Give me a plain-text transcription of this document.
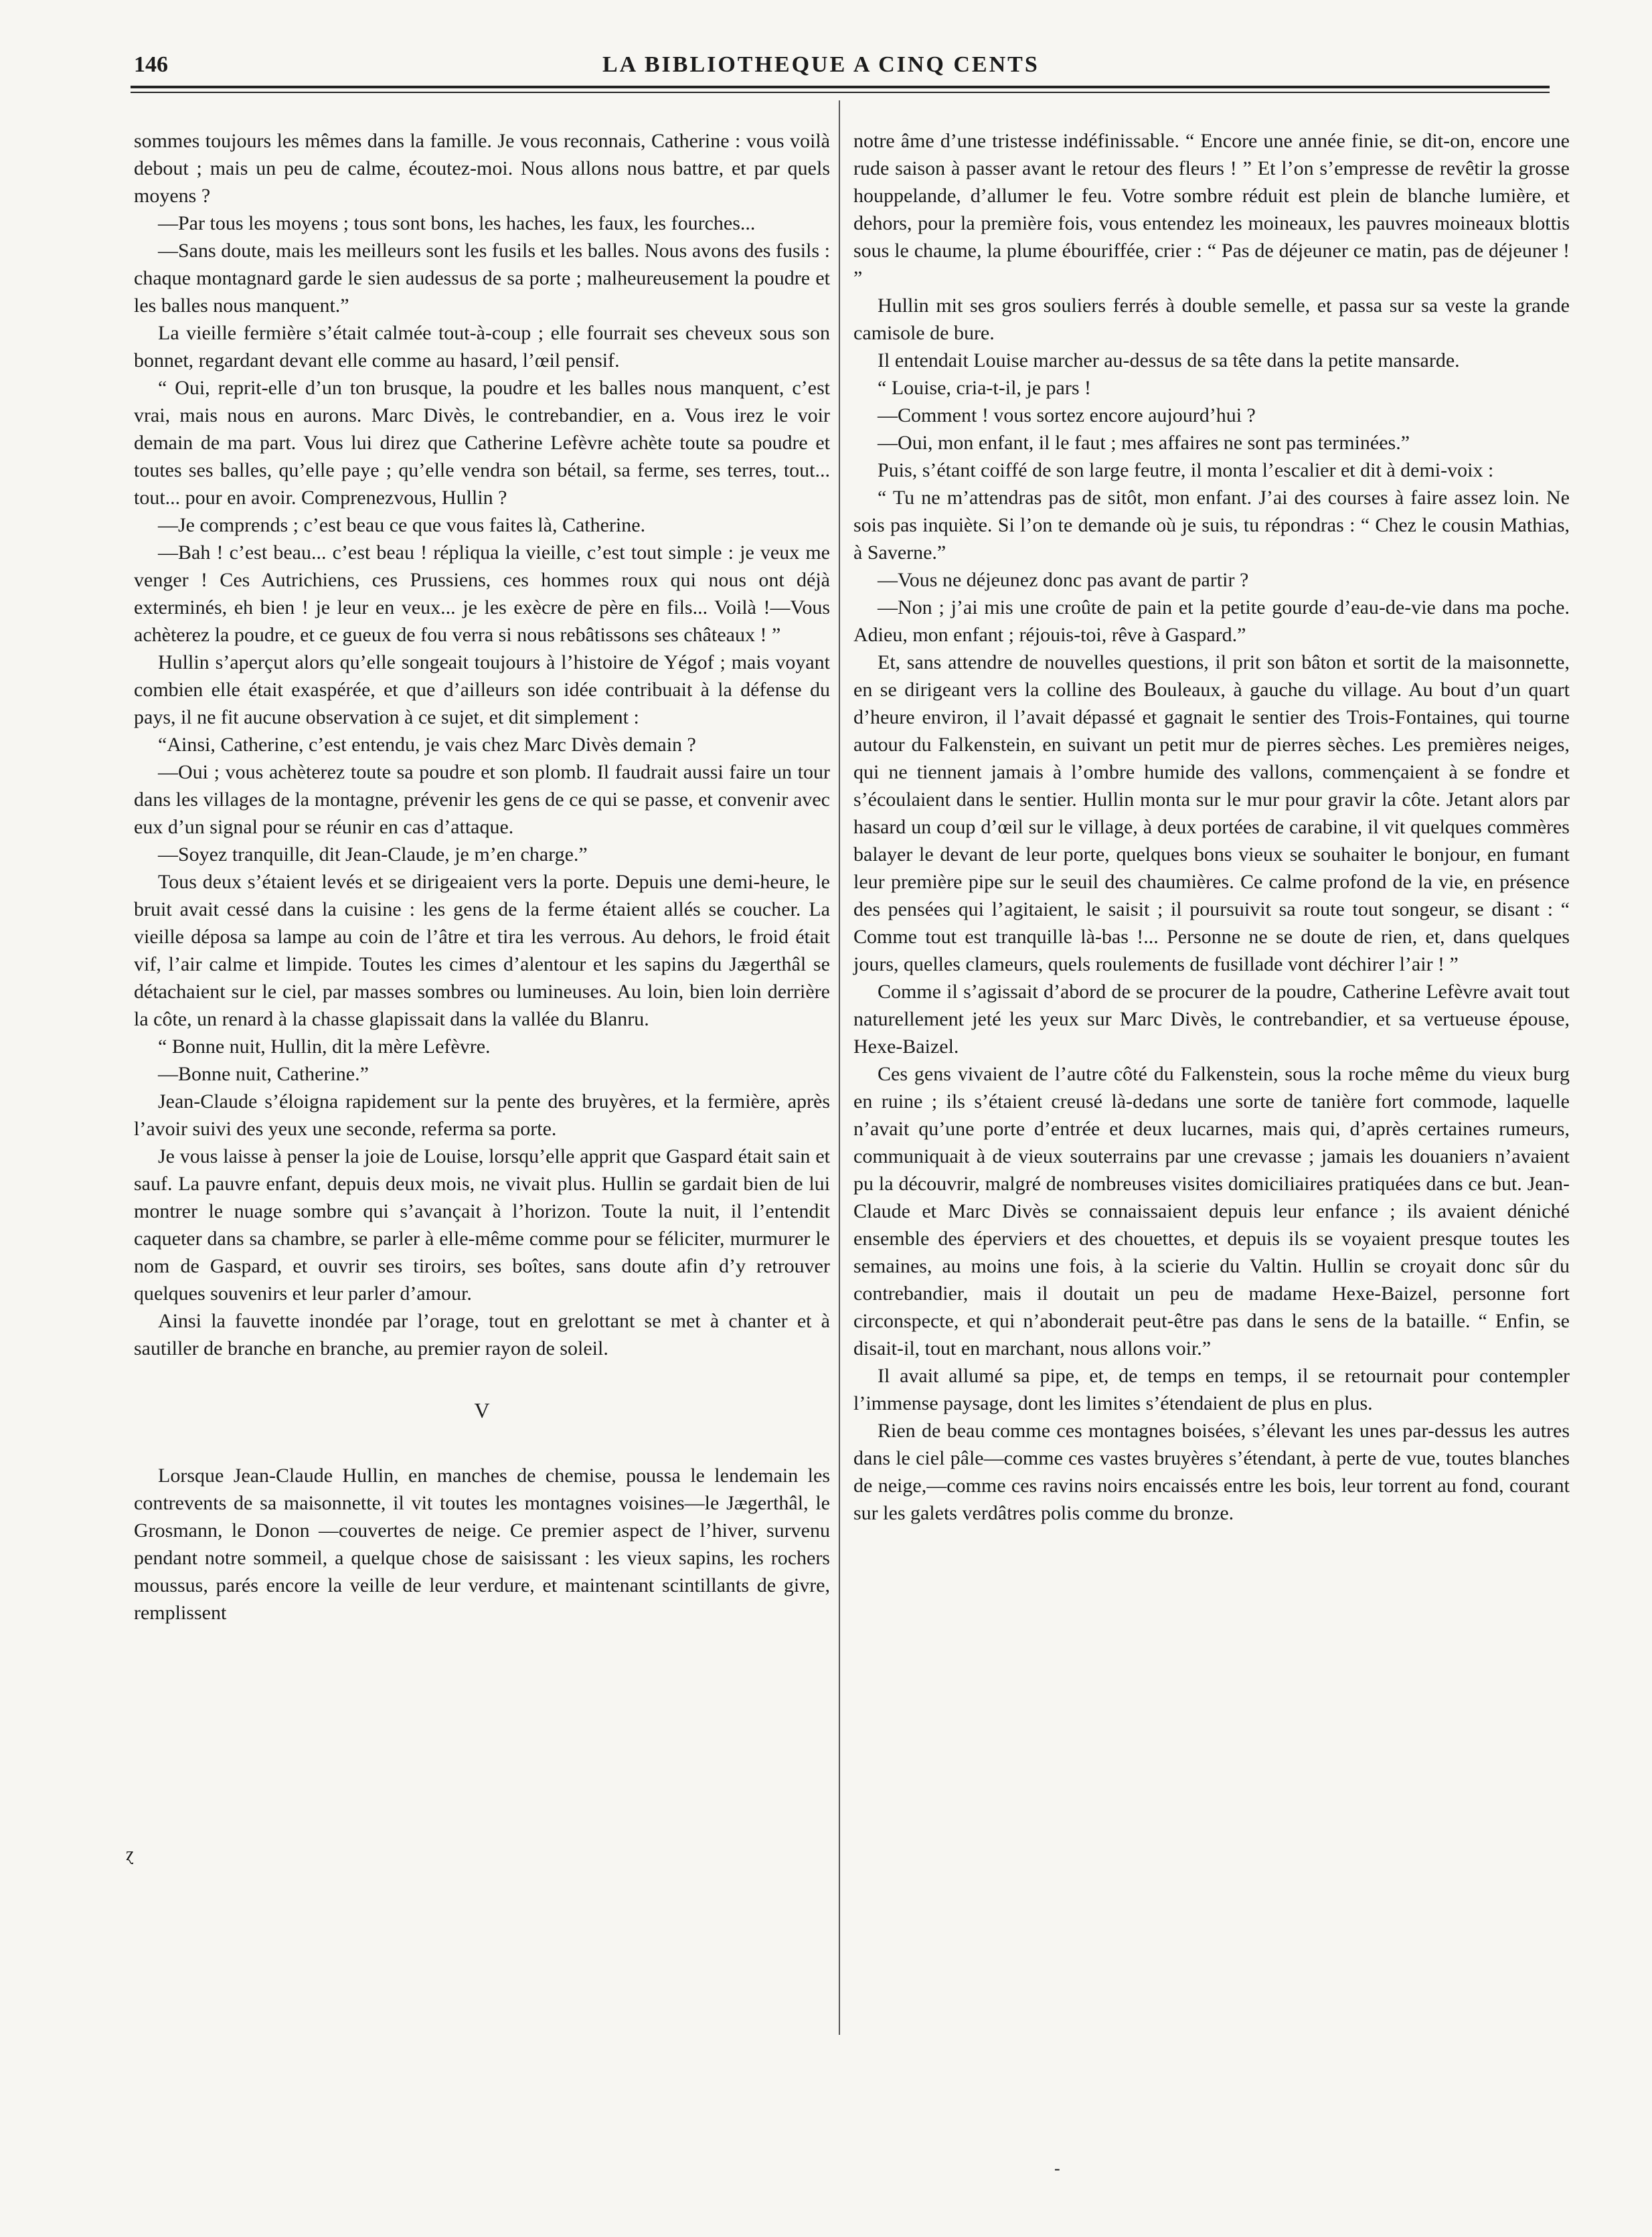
146	LA BIBLIOTHEQUE A CINQ CENTS

sommes toujours les mêmes dans la famille. Je vous reconnais, Catherine : vous voilà debout ; mais un peu de calme, écoutez-moi. Nous allons nous battre, et par quels moyens ?

—Par tous les moyens ; tous sont bons, les haches, les faux, les fourches...

—Sans doute, mais les meilleurs sont les fusils et les balles. Nous avons des fusils : chaque montagnard garde le sien audessus de sa porte ; malheureusement la poudre et les balles nous manquent.”

La vieille fermière s’était calmée tout-à-coup ; elle fourrait ses cheveux sous son bonnet, regardant devant elle comme au hasard, l’œil pensif.

“ Oui, reprit-elle d’un ton brusque, la poudre et les balles nous manquent, c’est vrai, mais nous en aurons. Marc Divès, le contrebandier, en a. Vous irez le voir demain de ma part. Vous lui direz que Catherine Lefèvre achète toute sa poudre et toutes ses balles, qu’elle paye ; qu’elle vendra son bétail, sa ferme, ses terres, tout... tout... pour en avoir. Comprenezvous, Hullin ?

—Je comprends ; c’est beau ce que vous faites là, Catherine.

—Bah ! c’est beau... c’est beau ! répliqua la vieille, c’est tout simple : je veux me venger ! Ces Autrichiens, ces Prussiens, ces hommes roux qui nous ont déjà exterminés, eh bien ! je leur en veux... je les exècre de père en fils... Voilà !—Vous achèterez la poudre, et ce gueux de fou verra si nous rebâtissons ses châteaux ! ”

Hullin s’aperçut alors qu’elle songeait toujours à l’histoire de Yégof ; mais voyant combien elle était exaspérée, et que d’ailleurs son idée contribuait à la défense du pays, il ne fit aucune observation à ce sujet, et dit simplement :

“Ainsi, Catherine, c’est entendu, je vais chez Marc Divès demain ?

—Oui ; vous achèterez toute sa poudre et son plomb. Il faudrait aussi faire un tour dans les villages de la montagne, prévenir les gens de ce qui se passe, et convenir avec eux d’un signal pour se réunir en cas d’attaque.

—Soyez tranquille, dit Jean-Claude, je m’en charge.”

Tous deux s’étaient levés et se dirigeaient vers la porte. Depuis une demi-heure, le bruit avait cessé dans la cuisine : les gens de la ferme étaient allés se coucher. La vieille déposa sa lampe au coin de l’âtre et tira les verrous. Au dehors, le froid était vif, l’air calme et limpide. Toutes les cimes d’alentour et les sapins du Jægerthâl se détachaient sur le ciel, par masses sombres ou lumineuses. Au loin, bien loin derrière la côte, un renard à la chasse glapissait dans la vallée du Blanru.

“ Bonne nuit, Hullin, dit la mère Lefèvre.

—Bonne nuit, Catherine.”

Jean-Claude s’éloigna rapidement sur la pente des bruyères, et la fermière, après l’avoir suivi des yeux une seconde, referma sa porte.

Je vous laisse à penser la joie de Louise, lorsqu’elle apprit que Gaspard était sain et sauf. La pauvre enfant, depuis deux mois, ne vivait plus. Hullin se gardait bien de lui montrer le nuage sombre qui s’avançait à l’horizon. Toute la nuit, il l’entendit caqueter dans sa chambre, se parler à elle-même comme pour se féliciter, murmurer le nom de Gaspard, et ouvrir ses tiroirs, ses boîtes, sans doute afin d’y retrouver quelques souvenirs et leur parler d’amour.

Ainsi la fauvette inondée par l’orage, tout en grelottant se met à chanter et à sautiller de branche en branche, au premier rayon de soleil.

V

Lorsque Jean-Claude Hullin, en manches de chemise, poussa le lendemain les contrevents de sa maisonnette, il vit toutes les montagnes voisines—le Jægerthâl, le Grosmann, le Donon —couvertes de neige. Ce premier aspect de l’hiver, survenu pendant notre sommeil, a quelque chose de saisissant : les vieux sapins, les rochers moussus, parés encore la veille de leur verdure, et maintenant scintillants de givre, remplissent

notre âme d’une tristesse indéfinissable. “ Encore une année finie, se dit-on, encore une rude saison à passer avant le retour des fleurs ! ” Et l’on s’empresse de revêtir la grosse houppelande, d’allumer le feu. Votre sombre réduit est plein de blanche lumière, et dehors, pour la première fois, vous entendez les moineaux, les pauvres moineaux blottis sous le chaume, la plume ébouriffée, crier : “ Pas de déjeuner ce matin, pas de déjeuner ! ”

Hullin mit ses gros souliers ferrés à double semelle, et passa sur sa veste la grande camisole de bure.

Il entendait Louise marcher au-dessus de sa tête dans la petite mansarde.

“ Louise, cria-t-il, je pars !

—Comment ! vous sortez encore aujourd’hui ?

—Oui, mon enfant, il le faut ; mes affaires ne sont pas terminées.”

Puis, s’étant coiffé de son large feutre, il monta l’escalier et dit à demi-voix :

“ Tu ne m’attendras pas de sitôt, mon enfant. J’ai des courses à faire assez loin. Ne sois pas inquiète. Si l’on te demande où je suis, tu répondras : “ Chez le cousin Mathias, à Saverne.”

—Vous ne déjeunez donc pas avant de partir ?

—Non ; j’ai mis une croûte de pain et la petite gourde d’eau-de-vie dans ma poche. Adieu, mon enfant ; réjouis-toi, rêve à Gaspard.”

Et, sans attendre de nouvelles questions, il prit son bâton et sortit de la maisonnette, en se dirigeant vers la colline des Bouleaux, à gauche du village. Au bout d’un quart d’heure environ, il l’avait dépassé et gagnait le sentier des Trois-Fontaines, qui tourne autour du Falkenstein, en suivant un petit mur de pierres sèches. Les premières neiges, qui ne tiennent jamais à l’ombre humide des vallons, commençaient à se fondre et s’écoulaient dans le sentier. Hullin monta sur le mur pour gravir la côte. Jetant alors par hasard un coup d’œil sur le village, à deux portées de carabine, il vit quelques commères balayer le devant de leur porte, quelques bons vieux se souhaiter le bonjour, en fumant leur première pipe sur le seuil des chaumières. Ce calme profond de la vie, en présence des pensées qui l’agitaient, le saisit ; il poursuivit sa route tout songeur, se disant : “ Comme tout est tranquille là-bas !... Personne ne se doute de rien, et, dans quelques jours, quelles clameurs, quels roulements de fusillade vont déchirer l’air ! ”

Comme il s’agissait d’abord de se procurer de la poudre, Catherine Lefèvre avait tout naturellement jeté les yeux sur Marc Divès, le contrebandier, et sa vertueuse épouse, Hexe-Baizel.

Ces gens vivaient de l’autre côté du Falkenstein, sous la roche même du vieux burg en ruine ; ils s’étaient creusé là-dedans une sorte de tanière fort commode, laquelle n’avait qu’une porte d’entrée et deux lucarnes, mais qui, d’après certaines rumeurs, communiquait à de vieux souterrains par une crevasse ; jamais les douaniers n’avaient pu la découvrir, malgré de nombreuses visites domiciliaires pratiquées dans ce but. Jean-Claude et Marc Divès se connaissaient depuis leur enfance ; ils avaient déniché ensemble des éperviers et des chouettes, et depuis ils se voyaient presque toutes les semaines, au moins une fois, à la scierie du Valtin. Hullin se croyait donc sûr du contrebandier, mais il doutait un peu de madame Hexe-Baizel, personne fort circonspecte, et qui n’abonderait peut-être pas dans le sens de la bataille. “ Enfin, se disait-il, tout en marchant, nous allons voir.”

Il avait allumé sa pipe, et, de temps en temps, il se retournait pour contempler l’immense paysage, dont les limites s’étendaient de plus en plus.

Rien de beau comme ces montagnes boisées, s’élevant les unes par-dessus les autres dans le ciel pâle—comme ces vastes bruyères s’étendant, à perte de vue, toutes blanches de neige,—comme ces ravins noirs encaissés entre les bois, leur torrent au fond, courant sur les galets verdâtres polis comme du bronze.

ɀ
-
